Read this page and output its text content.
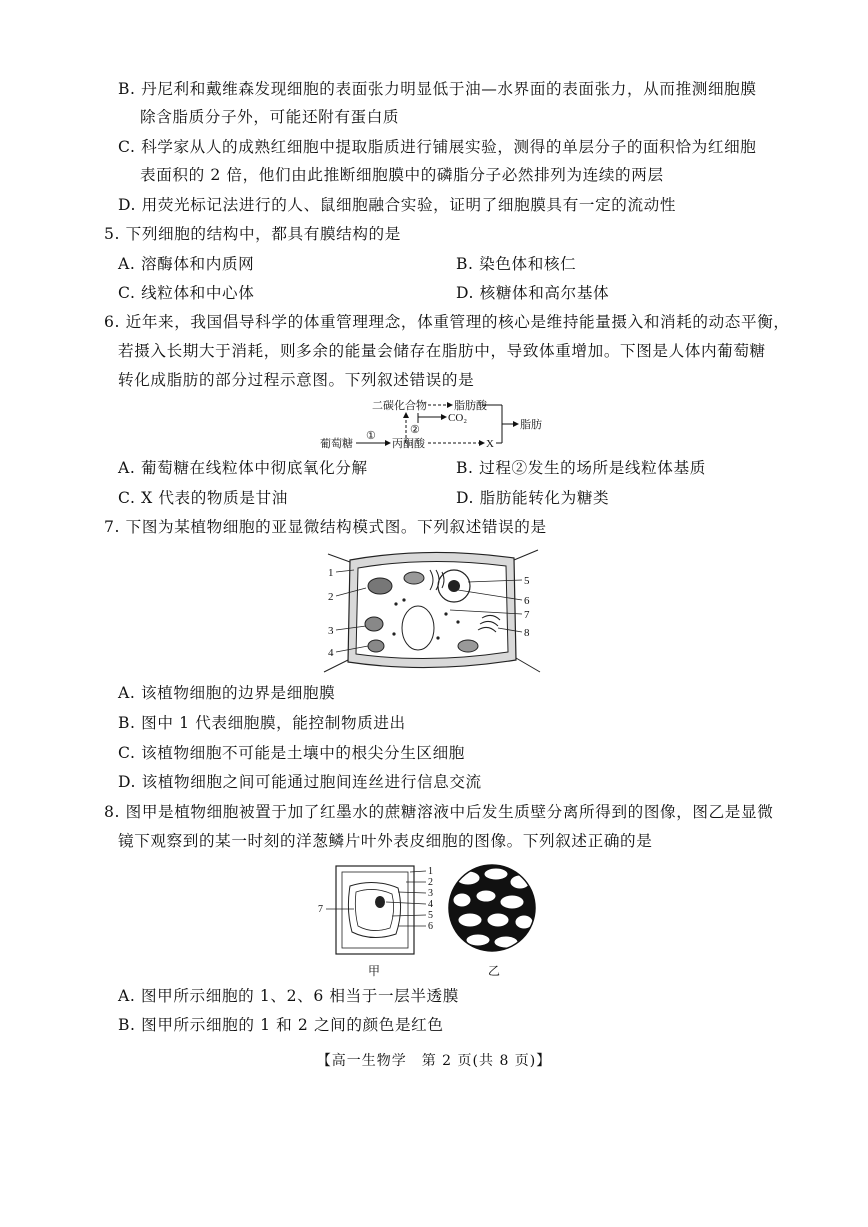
B. 丹尼利和戴维森发现细胞的表面张力明显低于油—水界面的表面张力，从而推测细胞膜
除含脂质分子外，可能还附有蛋白质
C. 科学家从人的成熟红细胞中提取脂质进行铺展实验，测得的单层分子的面积恰为红细胞
表面积的 2 倍，他们由此推断细胞膜中的磷脂分子必然排列为连续的两层
D. 用荧光标记法进行的人、鼠细胞融合实验，证明了细胞膜具有一定的流动性
5. 下列细胞的结构中，都具有膜结构的是
A. 溶酶体和内质网	B. 染色体和核仁
C. 线粒体和中心体	D. 核糖体和高尔基体
6. 近年来，我国倡导科学的体重管理理念，体重管理的核心是维持能量摄入和消耗的动态平衡，
若摄入长期大于消耗，则多余的能量会储存在脂肪中，导致体重增加。下图是人体内葡萄糖
转化成脂肪的部分过程示意图。下列叙述错误的是
二碳化合物 脂肪酸
CO₂
②
葡萄糖
①
丙酮酸	X
脂肪
A. 葡萄糖在线粒体中彻底氧化分解	B. 过程②发生的场所是线粒体基质
C. X 代表的物质是甘油	D. 脂肪能转化为糖类
7. 下图为某植物细胞的亚显微结构模式图。下列叙述错误的是
1
2
3
4
5
6
7
8
A. 该植物细胞的边界是细胞膜
B. 图中 1 代表细胞膜，能控制物质进出
C. 该植物细胞不可能是土壤中的根尖分生区细胞
D. 该植物细胞之间可能通过胞间连丝进行信息交流
8. 图甲是植物细胞被置于加了红墨水的蔗糖溶液中后发生质壁分离所得到的图像，图乙是显微
镜下观察到的某一时刻的洋葱鳞片叶外表皮细胞的图像。下列叙述正确的是
1
2
3
4
5
6
7
甲	乙
A. 图甲所示细胞的 1、2、6 相当于一层半透膜
B. 图甲所示细胞的 1 和 2 之间的颜色是红色
【高一生物学　第 2 页(共 8 页)】
